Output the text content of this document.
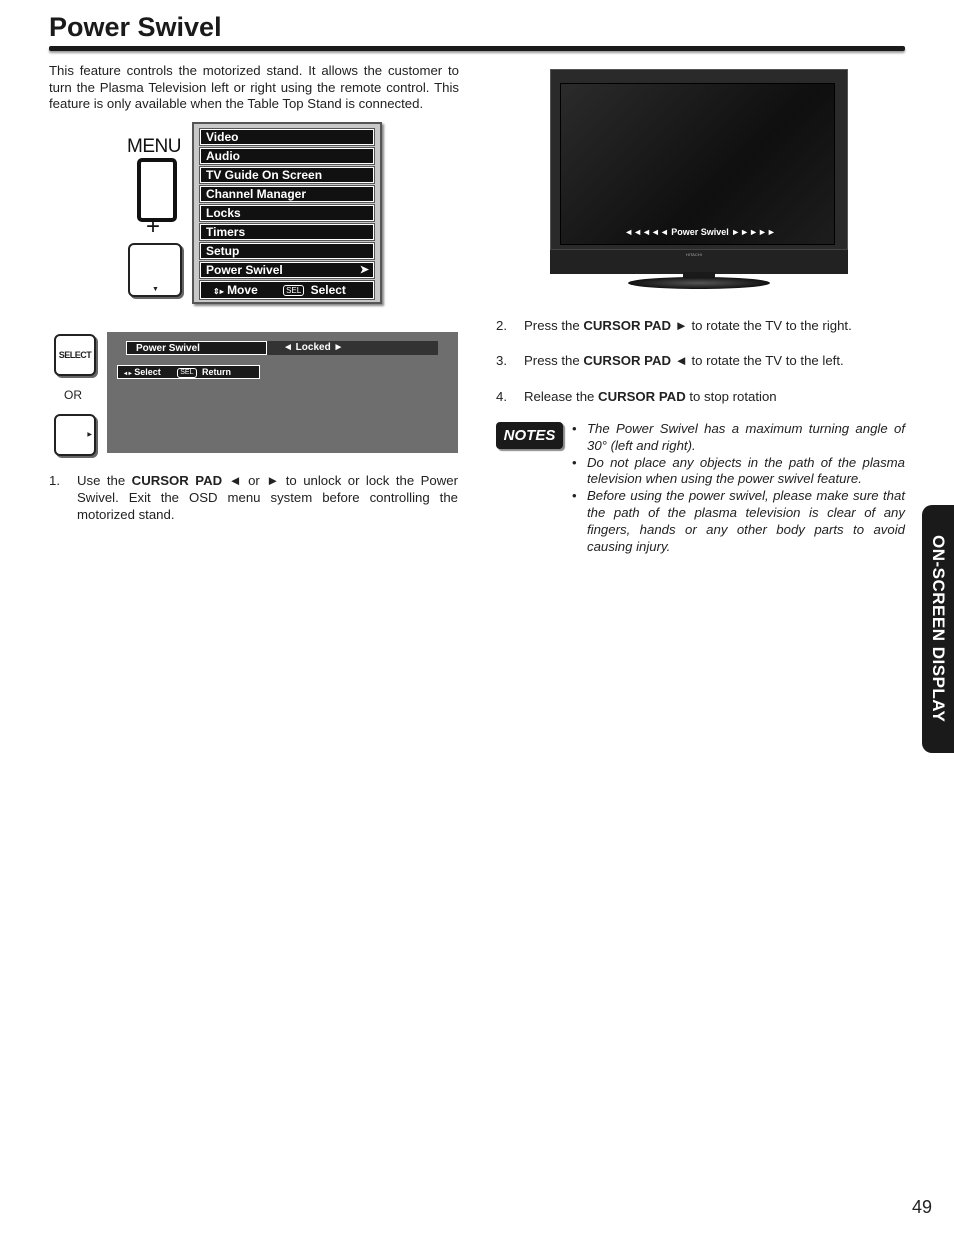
Power Swivel

This feature controls the motorized stand. It allows the customer to turn the Plasma Television left or right using the remote control. This feature is only available when the Table Top Stand is connected.

MENU
+
▼
Video
Audio
TV Guide On Screen
Channel Manager
Locks
Timers
Setup
Power Swivel	➤
⇕▸ Move	SEL Select
SELECT
OR
▶
Power Swivel	◄ Locked ►
◂ ▸ Select	SEL Return
1. Use the CURSOR PAD ◄ or ► to unlock or lock the Power Swivel. Exit the OSD menu system before controlling the motorized stand.
◄◄◄◄◄ Power Swivel ►►►►►
HITACHI
2. Press the CURSOR PAD ► to rotate the TV to the right.
3. Press the CURSOR PAD ◄ to rotate the TV to the left.
4. Release the CURSOR PAD to stop rotation
NOTES	• The Power Swivel has a maximum turning angle of 30° (left and right).
• Do not place any objects in the path of the plasma television when using the power swivel feature.
• Before using the power swivel, please make sure that the path of the plasma television is clear of any fingers, hands or any other body parts to avoid causing injury.	ON-SCREEN DISPLAY
49
